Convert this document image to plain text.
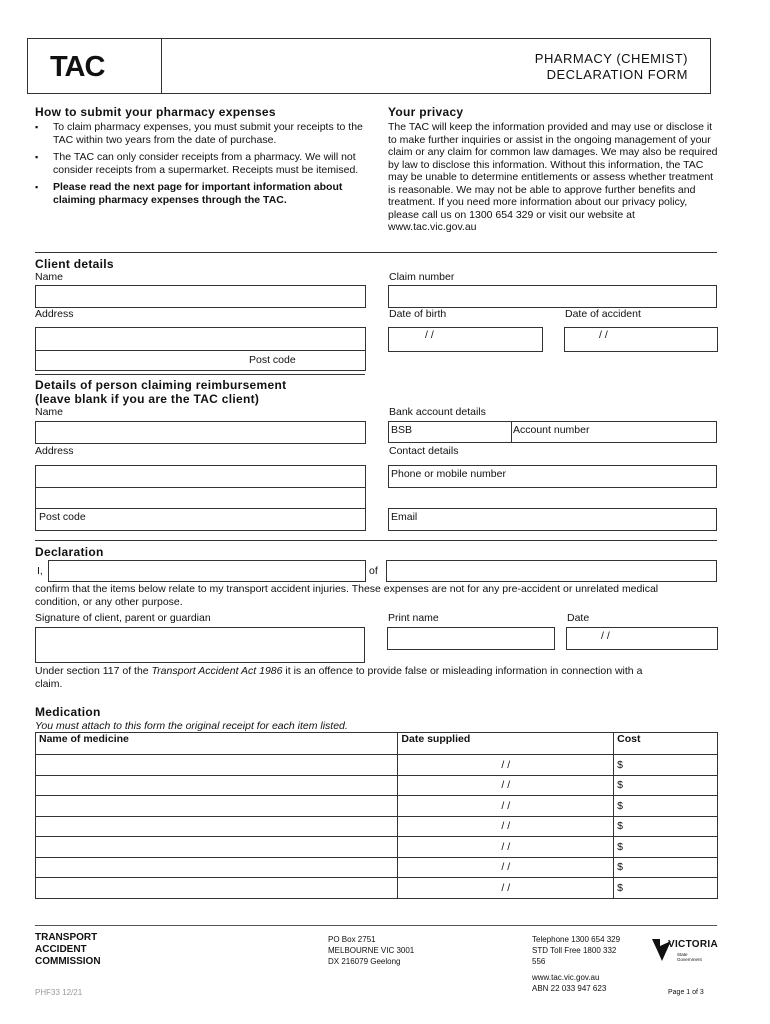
TAC	PHARMACY (CHEMIST)
DECLARATION FORM
How to submit your pharmacy expenses
▪ To claim pharmacy expenses, you must submit your receipts to the TAC within two years from the date of purchase.
▪ The TAC can only consider receipts from a pharmacy. We will not consider receipts from a supermarket. Receipts must be itemised.
▪ Please read the next page for important information about claiming pharmacy expenses through the TAC.
Your privacy
The TAC will keep the information provided and may use or disclose it to make further inquiries or assist in the ongoing management of your claim or any claim for common law damages. We may also be required by law to disclose this information. Without this information, the TAC may be unable to determine entitlements or assess whether treatment is reasonable. We may not be able to approve further benefits and treatment. If you need more information about our privacy policy, please call us on 1300 654 329 or visit our website at www.tac.vic.gov.au
Client details
Name	Claim number
Address
Post code
Date of birth
/ /
Date of accident
/ /
Details of person claiming reimbursement
(leave blank if you are the TAC client)
Name	Bank account details
BSB	Account number
Address
Post code
Contact details
Phone or mobile number
Email
Declaration
I,	of
confirm that the items below relate to my transport accident injuries. These expenses are not for any pre-accident or unrelated medical
condition, or any other purpose.
Signature of client, parent or guardian	Print name	Date
/ /
Under section 117 of the Transport Accident Act 1986 it is an offence to provide false or misleading information in connection with a
claim.
Medication
You must attach to this form the original receipt for each item listed.
Name of medicine	Date supplied	Cost
	/ /	$
	/ /	$
	/ /	$
	/ /	$
	/ /	$
	/ /	$
	/ /	$
TRANSPORT
ACCIDENT
COMMISSION
PO Box 2751
MELBOURNE VIC 3001
DX 216079 Geelong
Telephone 1300 654 329
STD Toll Free 1800 332
556
www.tac.vic.gov.au
ABN 22 033 947 623
VICTORIA
State
Government
PHF33 12/21	Page 1 of 3
